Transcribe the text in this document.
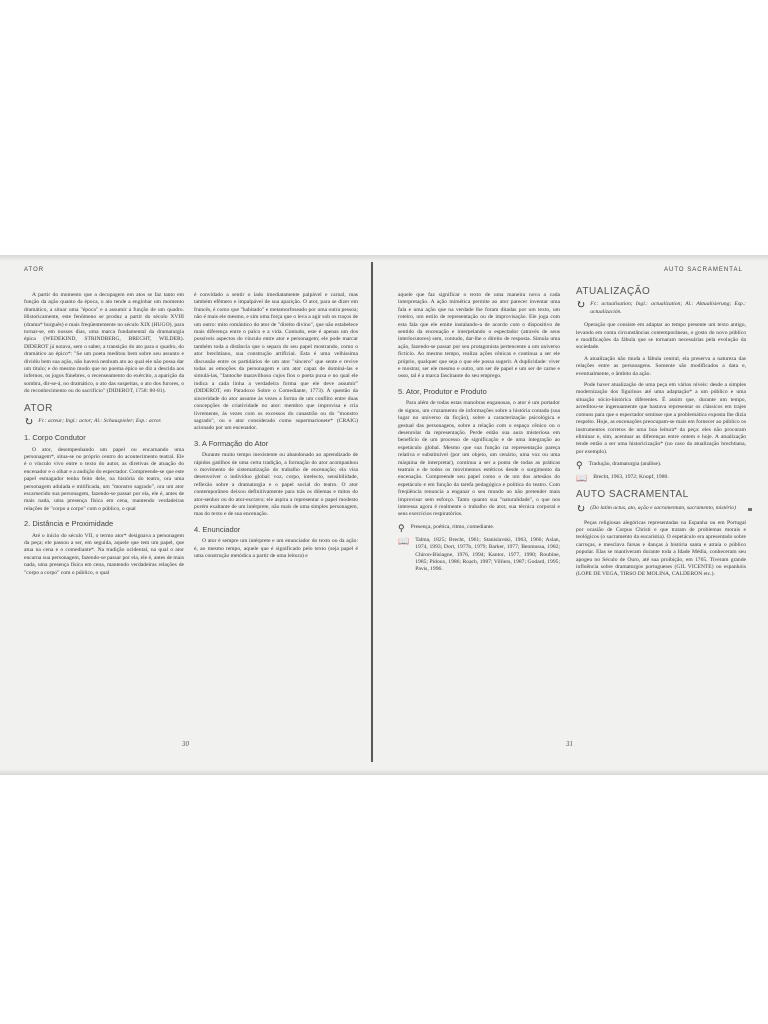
ATOR

A partir do momento que a decupagem em atos se faz tanto em função da ação quanto da época, o ato tende a englobar um momento dramático, a situar uma "época" e a assumir a função de um quadro. Historicamente, este fenômeno se produz a partir do século XVIII (drama* burguês) e mais freqüentemente no século XIX (HUGO), para tornar-se, em nossos dias, uma marca fundamental da dramaturgia épica (WEDEKIND, STRINDBERG, BRECHT, WILDER). DIDEROT já notava, sem o saber, a transição do ato para o quadro, do dramático ao épico*: "Se um poeta meditou bem sobre seu assunto e dividiu bem sua ação, não haverá nenhum ato ao qual ele não possa dar um título; e do mesmo modo que no poema épico se diz a descida aos infernos, os jogos fúnebres, o recenseamento do exército, a aparição da sombra, dir-se-á, no dramático, o ato das suspeitas, o ato dos furores, o do reconhecimento ou do sacrifício" (DIDEROT, 1758: 80-81).

ATOR
↻ Fr.: acteur; Ingl.: actor; Al.: Schauspieler; Esp.: actor.
1. Corpo Condutor

O ator, desempenhando um papel ou encarnando uma personagem*, situa-se no próprio centro do acontecimento teatral. Ele é o vínculo vivo entre o texto do autor, as diretivas de atuação do encenador e o olhar e a audição do espectador. Compreende-se que este papel esmagador tenha feito dele, na história do teatro, ora uma personagem adulada e mitificada, um "monstro sagrado", ora um ator escarnecido sua personagem, fazendo-se passar por ela, ele é, antes de mais nada, uma presença física em cena, mantendo verdadeiras relações de "corpo a corpo" com o público, o qual

2. Distância e Proximidade

Até o início do século VII, o termo ator* designava a personagem da peça; ele passou a ser, em seguida, aquele que tem um papel, que atua na cena e o comediante*. Na tradição ocidental, na qual o ator encarna sua personagem, fazendo-se passar por ela, ele é, antes de mais nada, uma presença física em cena, mantendo verdadeiras relações de "corpo a corpo" com o público, o qual

é convidado a sentir o lado imediatamente palpável e carnal, mas também efêmero e impalpável de sua aparição. O ator, para se dizer em francês, é como que "habitado" e metamorfoseado por uma outra pessoa; não é mais ele mesmo, e sim uma força que o leva a agir sob os traços de um outro: mito romântico do ator de "direito divino", que não estabelece mais diferença entre o palco e a vida. Contudo, este é apenas um dos possíveis aspectos do vínculo entre ator e personagem; ele pode marcar também toda a distância que o separa do seu papel mostrando, como o ator brechtiano, sua construção artificial. Esta é uma velhíssima discussão entre os partidários de um ator "sincero" que sente e revive todas as emoções da personagem e um ator capaz de dominá-las e simulá-las, "fantoche maravilhoso cujos fios o poeta puxa e no qual ele indica a cada linha a verdadeira forma que ele deve assumir" (DIDEROT, em Paradoxo Sobre o Comediante, 1773). A questão da sinceridade do ator assume às vezes a forma de um conflito entre duas concepções de criatividade no ator: membro que improvisa e cria livremente, às vezes com os excessos do canastrão ou do "monstro sagrado", ou o ator considerado como supermarionete* (CRAIG) acionado por um encenador.

3. A Formação do Ator

Durante muito tempo inexistente ou abandonado ao aprendizado de rápidos gatilhos de uma certa tradição, a formação do ator acompanhou o movimento de sistematização do trabalho de encenação; ela visa desenvolver o indivíduo global: voz, corpo, intelecto, sensibilidade, reflexão sobre a dramaturgia e o papel social do teatro. O ator contemporâneo deixou definitivamente para trás os dilemas e mitos do ator-senhor ou do ator-escravo; ele aspira a representar o papel modesto porém exaltante de um intérprete, não mais de uma simples personagem, mas do texto e de sua encenação.

4. Enunciador

O ator é sempre um intérprete e um enunciador do texto ou da ação: é, ao mesmo tempo, aquele que é significado pelo texto (seja papel é uma construção metódica a partir de uma leitura) e

30
AUTO SACRAMENTAL

aquele que faz significar o texto de uma maneira nova a cada interpretação. A ação mimética permite ao ator parecer inventar uma fala e uma ação que na verdade lhe foram ditadas por um texto, um roteiro, um estilo de representação ou de improvisação. Ele joga com esta fala que ele emite instalando-a de acordo com o dispositivo de sentido da encenação e interpelando o espectador (através de seus interlocutores) sem, contudo, dar-lhe o direito de resposta. Simula uma ação, fazendo-se passar por seu protagonista pertencente a um universo fictício. Ao mesmo tempo, realiza ações cênicas e continua a ser ele próprio, qualquer que seja o que ele possa sugerir. A duplicidade: viver e mostrar, ser ele mesmo e outro, um ser de papel e um ser de carne e osso, tal é a marca fascinante do seu emprego.

5. Ator, Produtor e Produto

Para além de todas estas manobras enganosas, o ator é um portador de signos, um cruzamento de informações sobre a história contada (sua lugar no universo da ficção), sobre a caracterização psicológica e gestual das personagens, sobre a relação com o espaço cênico ou o desenrolar da representação. Perde então sua aura misteriosa em benefício de um processo de significação e de uma integração ao espetáculo global. Mesmo que sua função na representação pareça relativa e substituível (por um objeto, um cenário, uma voz ou uma máquina de interpretar), continua a ser a ponta de todas as práticas teatrais e de todos os movimentos estéticos desde o surgimento da encenação. Compreende seu papel como o de um dos artesãos do espetáculo e em função da tarefa pedagógica e política do teatro. Com freqüência renuncia a enganar o seu mundo ao não pretender mais improvisar sem esforço. Tanto quanto sua "naturalidade", o que nos interessa agora é realmente o trabalho do ator, sua técnica corporal e seus exercícios respiratórios.

⚲ Presença, poética, ritmo, comediante.
📖 Talma, 1825; Brecht, 1961; Stanislavski, 1963, 1966; Aslan, 1974, 1993; Dort, 1977b, 1979; Barker, 1977; Benmussa, 1982; Chiron-Bisiagne, 1976, 1994; Kantor, 1977, 1990; Roubine, 1985; Pidoux, 1986; Roach, 1987; Villiers, 1987; Godard, 1995; Pavis, 1996.
ATUALIZAÇÃO
↻ Fr.: actualisation; Ingl.: actualization; Al.: Aktualisierung; Esp.: actualización.

Operação que consiste em adaptar ao tempo presente um texto antigo, levando em conta circunstâncias contemporâneas, o gosto do novo público e modificações da fábula que se tornaram necessárias pela evolução da sociedade.

A atualização não muda a fábula central, ela preserva a natureza das relações entre as personagens. Somente são modificados a data e, eventualmente, o âmbito da ação.

Pode haver atualização de uma peça em vários níveis: desde a simples modernização dos figurinos até uma adaptação* a um público e uma situação sócio-histórica diferentes. É assim que, durante um tempo, acreditou-se ingenuamente que bastava representar os clássicos em trajes comuns para que o espectador sentisse que a problemática exposta lhe dizia respeito. Hoje, as encenações preocupam-se mais em fornecer ao público os instrumentos corretos de uma boa leitura* da peça: eles não procuram eliminar e, sim, acentuar as diferenças entre ontem e hoje. A atualização tende então a ser uma historicização* (no caso da atualização brechtiana, por exemplo).

⚲ Tradução, dramaturgia (análise).
📖 Brecht, 1963, 1972; Knopf, 1980.
AUTO SACRAMENTAL
↻ (Do latim actus, ato, ação e sacramentum, sacramento, mistério)

Peças religiosas alegóricas representadas na Espanha ou em Portugal por ocasião de Corpus Christi e que tratam de problemas morais e teológicos (o sacramento da eucaristia). O espetáculo era apresentado sobre carroças, e mesclava farsas e danças à história santa e atraía o público popular. Elas se mantiveram durante toda a Idade Média, conheceram seu apogeu no Século de Ouro, até sua proibição, em 1765. Tiveram grande influência sobre dramaturgos portugueses (GIL VICENTE) ou espanhóis (LOPE DE VEGA, TIRSO DE MOLINA, CALDERON etc.).

31
